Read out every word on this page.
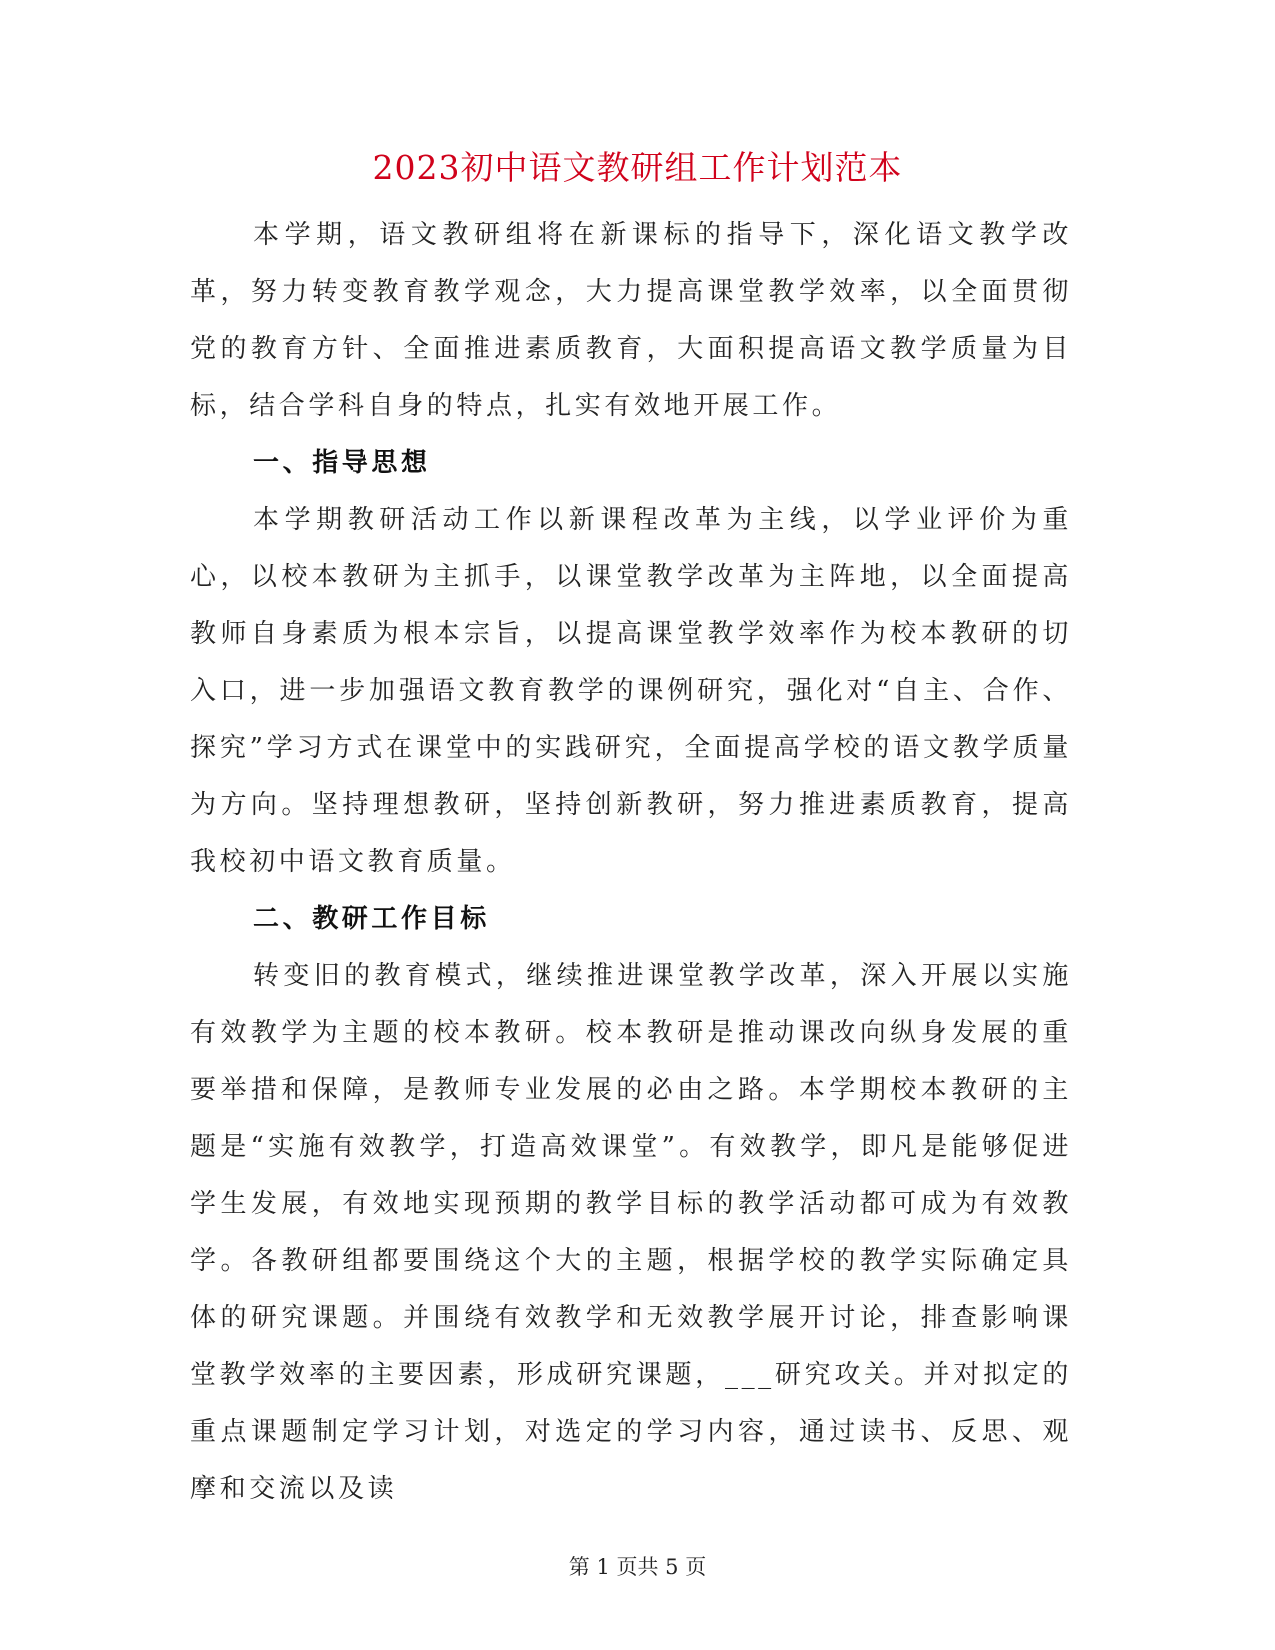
2023初中语文教研组工作计划范本

本学期，语文教研组将在新课标的指导下，深化语文教学改革，努力转变教育教学观念，大力提高课堂教学效率，以全面贯彻党的教育方针、全面推进素质教育，大面积提高语文教学质量为目标，结合学科自身的特点，扎实有效地开展工作。

一、指导思想

本学期教研活动工作以新课程改革为主线，以学业评价为重心，以校本教研为主抓手，以课堂教学改革为主阵地，以全面提高教师自身素质为根本宗旨，以提高课堂教学效率作为校本教研的切入口，进一步加强语文教育教学的课例研究，强化对“自主、合作、探究”学习方式在课堂中的实践研究，全面提高学校的语文教学质量为方向。坚持理想教研，坚持创新教研，努力推进素质教育，提高我校初中语文教育质量。

二、教研工作目标

转变旧的教育模式，继续推进课堂教学改革，深入开展以实施有效教学为主题的校本教研。校本教研是推动课改向纵身发展的重要举措和保障，是教师专业发展的必由之路。本学期校本教研的主题是“实施有效教学，打造高效课堂”。有效教学，即凡是能够促进学生发展，有效地实现预期的教学目标的教学活动都可成为有效教学。各教研组都要围绕这个大的主题，根据学校的教学实际确定具体的研究课题。并围绕有效教学和无效教学展开讨论，排查影响课堂教学效率的主要因素，形成研究课题，___研究攻关。并对拟定的重点课题制定学习计划，对选定的学习内容，通过读书、反思、观摩和交流以及读

第 1 页共 5 页
